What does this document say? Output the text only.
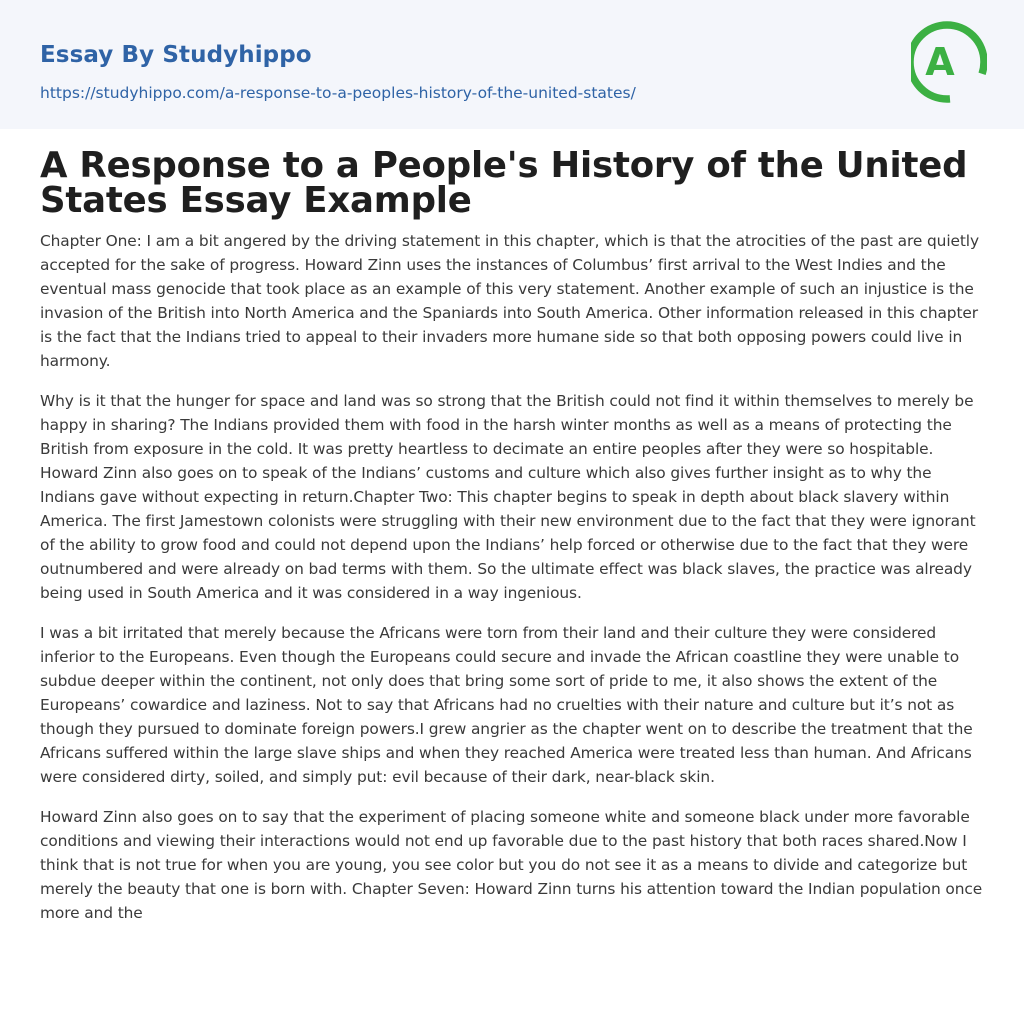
Essay By Studyhippo
https://studyhippo.com/a-response-to-a-peoples-history-of-the-united-states/
A
A Response to a People's History of the United States Essay Example

Chapter One: I am a bit angered by the driving statement in this chapter, which is that the atrocities of the past are quietly accepted for the sake of progress. Howard Zinn uses the instances of Columbus’ first arrival to the West Indies and the eventual mass genocide that took place as an example of this very statement. Another example of such an injustice is the invasion of the British into North America and the Spaniards into South America. Other information released in this chapter is the fact that the Indians tried to appeal to their invaders more humane side so that both opposing powers could live in harmony.

Why is it that the hunger for space and land was so strong that the British could not find it within themselves to merely be happy in sharing? The Indians provided them with food in the harsh winter months as well as a means of protecting the British from exposure in the cold. It was pretty heartless to decimate an entire peoples after they were so hospitable. Howard Zinn also goes on to speak of the Indians’ customs and culture which also gives further insight as to why the Indians gave without expecting in return.Chapter Two: This chapter begins to speak in depth about black slavery within America. The first Jamestown colonists were struggling with their new environment due to the fact that they were ignorant of the ability to grow food and could not depend upon the Indians’ help forced or otherwise due to the fact that they were outnumbered and were already on bad terms with them. So the ultimate effect was black slaves, the practice was already being used in South America and it was considered in a way ingenious.

I was a bit irritated that merely because the Africans were torn from their land and their culture they were considered inferior to the Europeans. Even though the Europeans could secure and invade the African coastline they were unable to subdue deeper within the continent, not only does that bring some sort of pride to me, it also shows the extent of the Europeans’ cowardice and laziness. Not to say that Africans had no cruelties with their nature and culture but it’s not as though they pursued to dominate foreign powers.I grew angrier as the chapter went on to describe the treatment that the Africans suffered within the large slave ships and when they reached America were treated less than human. And Africans were considered dirty, soiled, and simply put: evil because of their dark, near-black skin.

Howard Zinn also goes on to say that the experiment of placing someone white and someone black under more favorable conditions and viewing their interactions would not end up favorable due to the past history that both races shared.Now I think that is not true for when you are young, you see color but you do not see it as a means to divide and categorize but merely the beauty that one is born with. Chapter Seven: Howard Zinn turns his attention toward the Indian population once more and the
